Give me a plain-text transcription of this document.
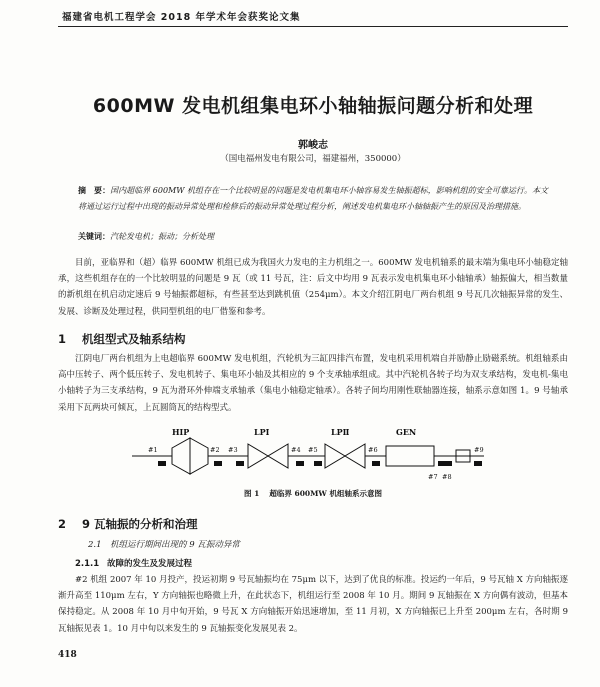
福建省电机工程学会 2018 年学术年会获奖论文集
600MW 发电机组集电环小轴轴振问题分析和处理
郭峻志
（国电福州发电有限公司，福建福州，350000）
摘　要：国内超临界 600MW 机组存在一个比较明显的问题是发电机集电环小轴容易发生轴振超标，影响机组的安全可靠运行。本文将通过运行过程中出现的振动异常处理和检修后的振动异常处理过程分析，阐述发电机集电环小轴轴振产生的原因及治理措施。
关键词：汽轮发电机；振动；分析处理
目前，亚临界和（超）临界 600MW 机组已成为我国火力发电的主力机组之一。600MW 发电机轴系的最末端为集电环小轴稳定轴承，这些机组存在的一个比较明显的问题是 9 瓦（或 11 号瓦，注：后文中均用 9 瓦表示发电机集电环小轴轴承）轴振偏大，相当数量的新机组在机启动定速后 9 号轴振都超标，有些甚至达到跳机值（254μm）。本文介绍江阴电厂两台机组 9 号瓦几次轴振异常的发生、发展、诊断及处理过程，供同型机组的电厂借鉴和参考。
1 机组型式及轴系结构
江阴电厂两台机组为上电超临界 600MW 发电机组，汽轮机为三缸四排汽布置，发电机采用机端自并励静止励磁系统。机组轴系由高中压转子、两个低压转子、发电机转子、集电环小轴及其相应的 9 个支承轴承组成。其中汽轮机各转子均为双支承结构，发电机-集电小轴转子为三支承结构，9 瓦为滑环外伸端支承轴承（集电小轴稳定轴承）。各转子间均用刚性联轴器连接，轴系示意如图 1。9 号轴承采用下瓦两块可倾瓦，上瓦圆筒瓦的结构型式。
HIP	LPⅠ	LPⅡ	GEN
#1	#2 #3	#4 #5	#6
#7 #8
#9
图 1 超临界 600MW 机组轴系示意图
2 9 瓦轴振的分析和治理
2.1 机组运行期间出现的 9 瓦振动异常
2.1.1 故障的发生及发展过程
#2 机组 2007 年 10 月投产，投运初期 9 号瓦轴振均在 75μm 以下，达到了优良的标准。投运约一年后，9 号瓦轴 X 方向轴振逐渐升高至 110μm 左右，Y 方向轴振也略微上升，在此状态下，机组运行至 2008 年 10 月。期间 9 瓦轴振在 X 方向偶有波动，但基本保持稳定。从 2008 年 10 月中旬开始，9 号瓦 X 方向轴振开始迅速增加，至 11 月初，X 方向轴振已上升至 200μm 左右，各时期 9 瓦轴振见表 1。10 月中旬以来发生的 9 瓦轴振变化发展见表 2。
418
